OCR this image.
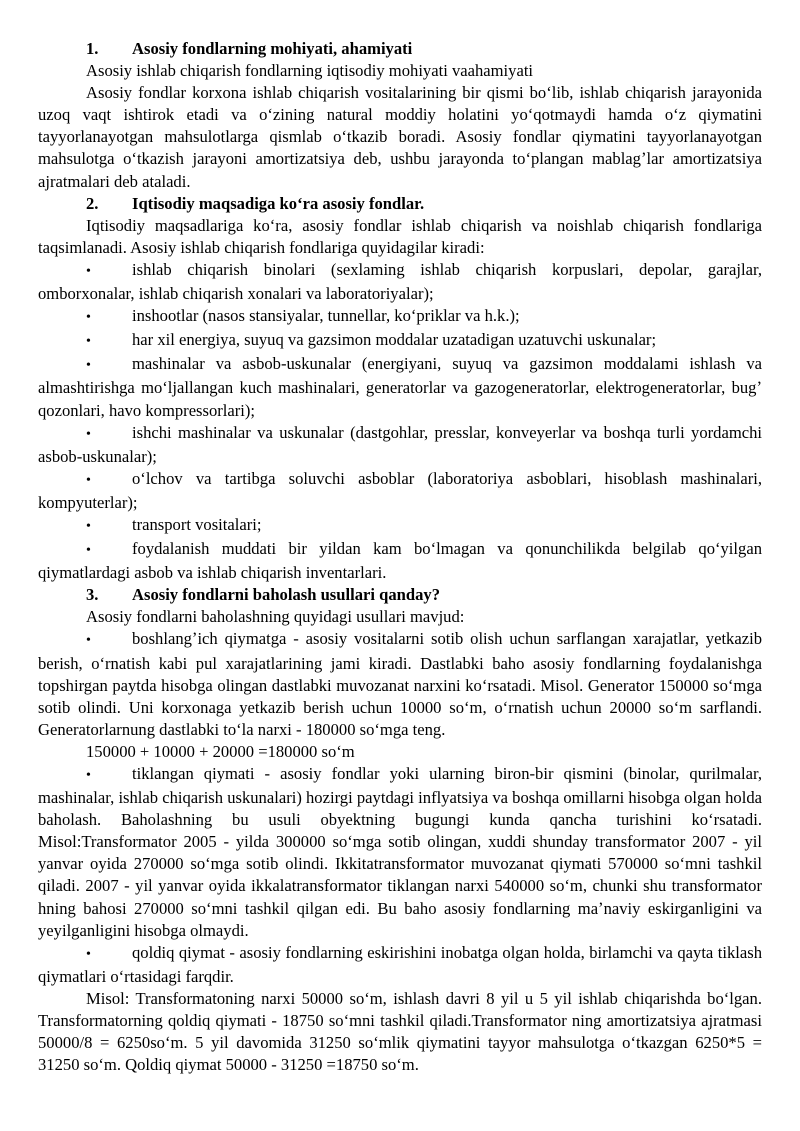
1. Asosiy fondlarning mohiyati, ahamiyati

Asosiy ishlab chiqarish fondlarning iqtisodiy mohiyati vaahamiyati

Asosiy fondlar korxona ishlab chiqarish vositalarining bir qismi boʻlib, ishlab chiqarish jarayonida uzoq vaqt ishtirok etadi va oʻzining natural moddiy holatini yoʻqotmaydi hamda oʻz qiymatini tayyorlanayotgan mahsulotlarga qismlab oʻtkazib boradi. Asosiy fondlar qiymatini tayyorlanayotgan mahsulotga oʻtkazish jarayoni amortizatsiya deb, ushbu jarayonda toʻplangan mablagʼlar amortizatsiya ajratmalari deb ataladi.

2. Iqtisodiy maqsadiga koʻra asosiy fondlar.

Iqtisodiy maqsadlariga koʻra, asosiy fondlar ishlab chiqarish va noishlab chiqarish fondlariga taqsimlanadi. Asosiy ishlab chiqarish fondlariga quyidagilar kiradi:

•ishlab chiqarish binolari (sexlaming ishlab chiqarish korpuslari, depolar, garajlar, omborxonalar, ishlab chiqarish xonalari va laboratoriyalar);

•inshootlar (nasos stansiyalar, tunnellar, koʻpriklar va h.k.);

•har xil energiya, suyuq va gazsimon moddalar uzatadigan uzatuvchi uskunalar;

•mashinalar va asbob-uskunalar (energiyani, suyuq va gazsimon moddalami ishlash va almashtirishga moʻljallangan kuch mashinalari, generatorlar va gazogeneratorlar, elektrogeneratorlar, bugʼ qozonlari, havo kompressorlari);

•ishchi mashinalar va uskunalar (dastgohlar, presslar, konveyerlar va boshqa turli yordamchi asbob-uskunalar);

•oʻlchov va tartibga soluvchi asboblar (laboratoriya asboblari, hisoblash mashinalari, kompyuterlar);

•transport vositalari;

•foydalanish muddati bir yildan kam boʻlmagan va qonunchilikda belgilab qoʻyilgan qiymatlardagi asbob va ishlab chiqarish inventarlari.

3. Asosiy fondlarni baholash usullari qanday?

Asosiy fondlarni baholashning quyidagi usullari mavjud:

•boshlangʼich qiymatga - asosiy vositalarni sotib olish uchun sarflangan xarajatlar, yetkazib berish, oʻrnatish kabi pul xarajatlarining jami kiradi. Dastlabki baho asosiy fondlarning foydalanishga topshirgan paytda hisobga olingan dastlabki muvozanat narxini koʻrsatadi. Misol. Generator 150000 soʻmga sotib olindi. Uni korxonaga yetkazib berish uchun 10000 soʻm, oʻrnatish uchun 20000 soʻm sarflandi. Generatorlarnung dastlabki toʻla narxi - 180000 soʻmga teng.

150000 + 10000 + 20000 =180000 soʻm

•tiklangan qiymati - asosiy fondlar yoki ularning biron-bir qismini (binolar, qurilmalar, mashinalar, ishlab chiqarish uskunalari) hozirgi paytdagi inflyatsiya va boshqa omillarni hisobga olgan holda baholash. Baholashning bu usuli obyektning bugungi kunda qancha turishini koʻrsatadi. Misol:Transformator 2005 - yilda 300000 soʻmga sotib olingan, xuddi shunday transformator 2007 - yil yanvar oyida 270000 soʻmga sotib olindi. Ikkitatransformator muvozanat qiymati 570000 soʻmni tashkil qiladi. 2007 - yil yanvar oyida ikkalatransformator tiklangan narxi 540000 soʻm, chunki shu transformator hning bahosi 270000 soʻmni tashkil qilgan edi. Bu baho asosiy fondlarning maʼnaviy eskirganligini va yeyilganligini hisobga olmaydi.

•qoldiq qiymat - asosiy fondlarning eskirishini inobatga olgan holda, birlamchi va qayta tiklash qiymatlari oʻrtasidagi farqdir.

Misol: Transformatoning narxi 50000 soʻm, ishlash davri 8 yil u 5 yil ishlab chiqarishda boʻlgan. Transformatorning qoldiq qiymati - 18750 soʻmni tashkil qiladi.Transformator ning amortizatsiya ajratmasi 50000/8 = 6250soʻm. 5 yil davomida 31250 soʻmlik qiymatini tayyor mahsulotga oʻtkazgan 6250*5 = 31250 soʻm. Qoldiq qiymat 50000 - 31250 =18750 soʻm.
